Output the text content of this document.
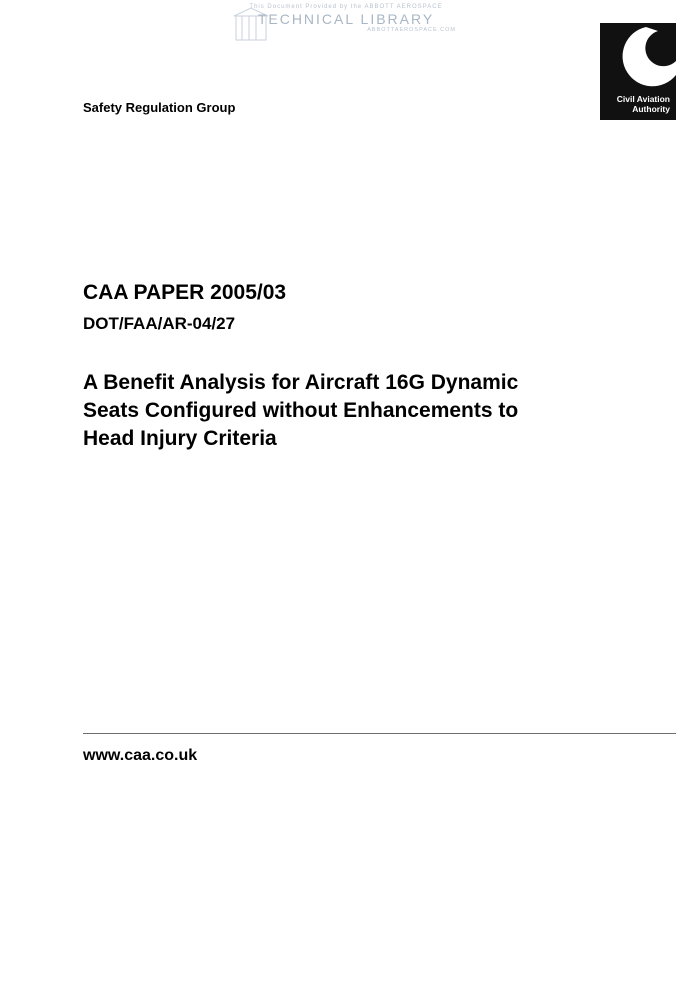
This Document Provided by the ABBOTT AEROSPACE
TECHNICAL LIBRARY
ABBOTTAEROSPACE.COM
Safety Regulation Group
Civil Aviation
Authority
CAA PAPER 2005/03
DOT/FAA/AR-04/27
A Benefit Analysis for Aircraft 16G Dynamic
Seats Configured without Enhancements to
Head Injury Criteria
www.caa.co.uk
